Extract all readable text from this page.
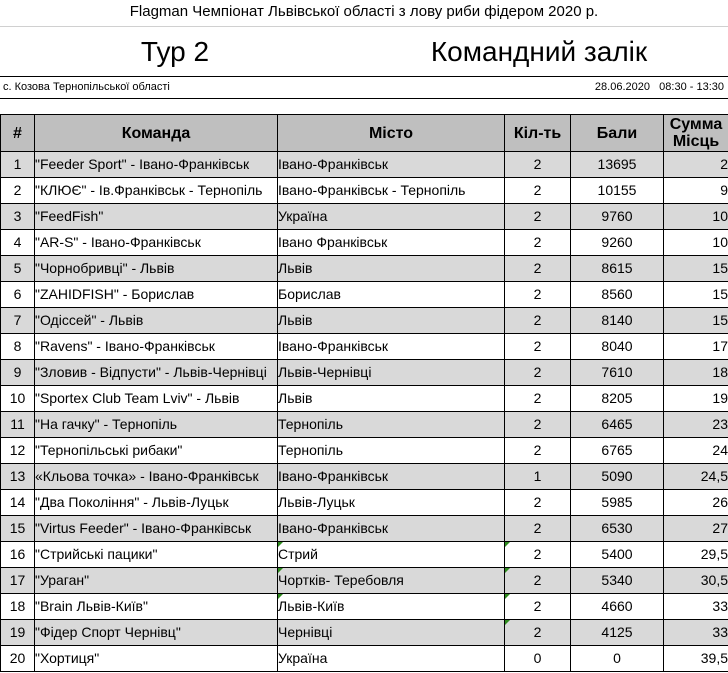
Flagman Чемпіонат Львівської області з лову риби фідером 2020 р.
Тур 2	Командний залік
с. Козова Тернопільської області	28.06.2020 08:30 - 13:30
#	Команда	Місто	Кіл-ть	Бали	Сумма Місць
1	"Feeder Sport" - Івано-Франківськ	Івано-Франківськ	2	13695	2
2	"КЛЮЄ" - Ів.Франківськ - Тернопіль	Івано-Франківськ - Тернопіль	2	10155	9
3	"FeedFish"	Україна	2	9760	10
4	"AR-S" - Івано-Франківськ	Івано Франківськ	2	9260	10
5	"Чорнобривці" - Львів	Львів	2	8615	15
6	"ZAHIDFISH" - Борислав	Борислав	2	8560	15
7	"Одіссей" - Львів	Львів	2	8140	15
8	"Ravens" - Івано-Франківськ	Івано-Франківськ	2	8040	17
9	"Зловив - Відпусти" - Львів-Чернівці	Львів-Чернівці	2	7610	18
10	"Sportex Club Team Lviv" - Львів	Львів	2	8205	19
11	"На гачку" - Тернопіль	Тернопіль	2	6465	23
12	"Тернопільські рибаки"	Тернопіль	2	6765	24
13	«Кльова точка» - Івано-Франківськ	Івано-Франківськ	1	5090	24,5
14	"Два Покоління" - Львів-Луцьк	Львів-Луцьк	2	5985	26
15	"Virtus Feeder" - Івано-Франківськ	Івано-Франківськ	2	6530	27
16	"Стрийські пацики"	Стрий	2	5400	29,5
17	"Ураган"	Чортків- Теребовля	2	5340	30,5
18	"Brain Львів-Київ"	Львів-Київ	2	4660	33
19	"Фідер Спорт Чернівц"	Чернівці	2	4125	33
20	"Хортиця"	Україна	0	0	39,5
